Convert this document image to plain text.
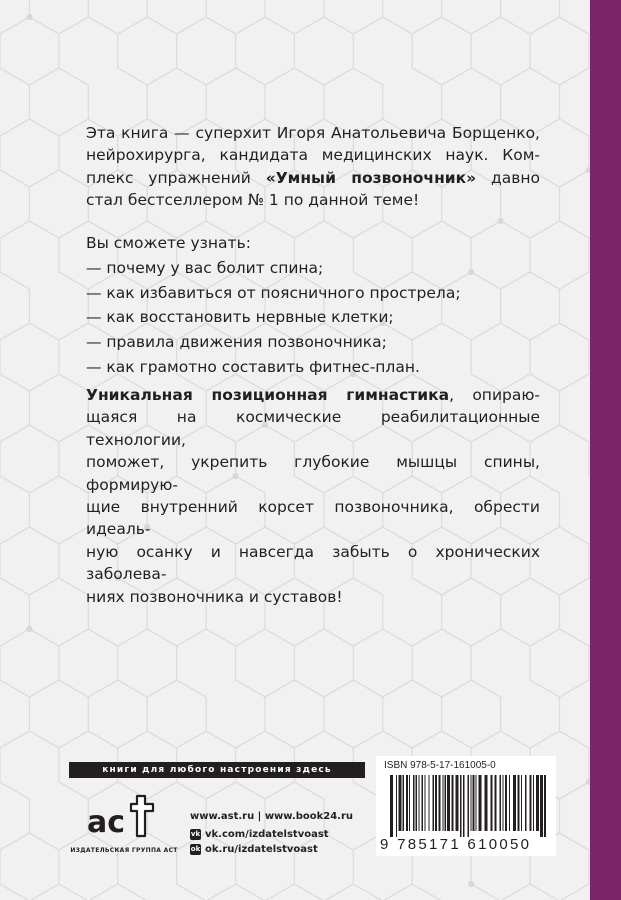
Эта книга — суперхит Игоря Анатольевича Борщенко,
нейрохирурга, кандидата медицинских наук. Ком-
плекс упражнений «Умный позвоночник» давно
стал бестселлером № 1 по данной теме!
Вы сможете узнать:
— почему у вас болит спина;
— как избавиться от поясничного прострела;
— как восстановить нервные клетки;
— правила движения позвоночника;
— как грамотно составить фитнес-план.
Уникальная позиционная гимнастика, опираю-
щаяся на космические реабилитационные технологии,
поможет, укрепить глубокие мышцы спины, формирую-
щие внутренний корсет позвоночника, обрести идеаль-
ную осанку и навсегда забыть о хронических заболева-
ниях позвоночника и суставов!
книги для любого настроения здесь
ac
ИЗДАТЕЛЬСКАЯ ГРУППА АСТ
www.ast.ru | www.book24.ru
vk vk.com/izdatelstvoast
ok ok.ru/izdatelstvoast
ISBN 978-5-17-161005-0
9 785171 610050
